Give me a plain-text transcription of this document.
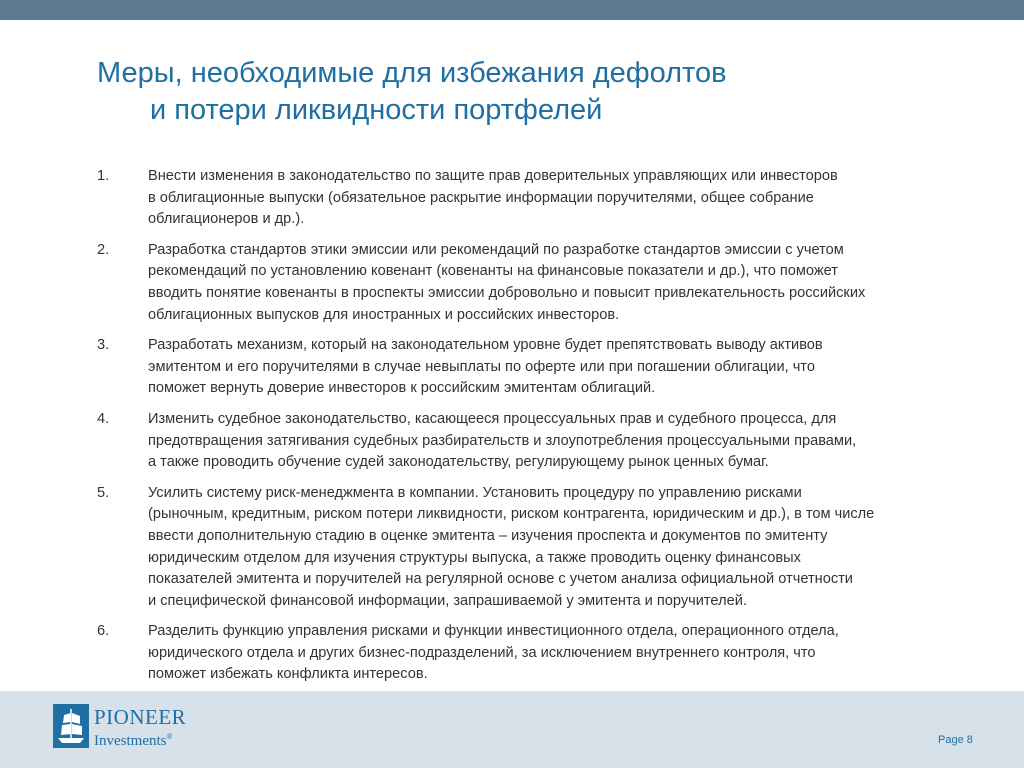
Меры, необходимые для избежания дефолтов
и потери ликвидности портфелей
1.	Внести изменения в законодательство по защите прав доверительных управляющих или инвесторов
в облигационные выпуски (обязательное раскрытие информации поручителями, общее собрание
облигационеров и др.).
2.	Разработка стандартов этики эмиссии или рекомендаций по разработке стандартов эмиссии с учетом
рекомендаций по установлению ковенант (ковенанты на финансовые показатели и др.), что поможет
вводить понятие ковенанты в проспекты эмиссии добровольно и повысит привлекательность российских
облигационных выпусков для иностранных и российских инвесторов.
3.	Разработать механизм, который на законодательном уровне будет препятствовать выводу активов
эмитентом и его поручителями в случае невыплаты по оферте или при погашении облигации, что
поможет вернуть доверие инвесторов к российским эмитентам облигаций.
4.	Изменить судебное законодательство, касающееся процессуальных прав и судебного процесса, для
предотвращения затягивания судебных разбирательств и злоупотребления процессуальными правами,
а также проводить обучение судей законодательству, регулирующему рынок ценных бумаг.
5.	Усилить систему риск-менеджмента в компании. Установить процедуру по управлению рисками
(рыночным, кредитным, риском потери ликвидности, риском контрагента, юридическим и др.), в том числе
ввести дополнительную стадию в оценке эмитента – изучения проспекта и документов по эмитенту
юридическим отделом для изучения структуры выпуска, а также проводить оценку финансовых
показателей эмитента и поручителей на регулярной основе с учетом анализа официальной отчетности
и специфической финансовой информации, запрашиваемой у эмитента и поручителей.
6.	Разделить функцию управления рисками и функции инвестиционного отдела, операционного отдела,
юридического отдела и других бизнес-подразделений, за исключением внутреннего контроля, что
поможет избежать конфликта интересов.
PIONEER
Investments®	Page 8
